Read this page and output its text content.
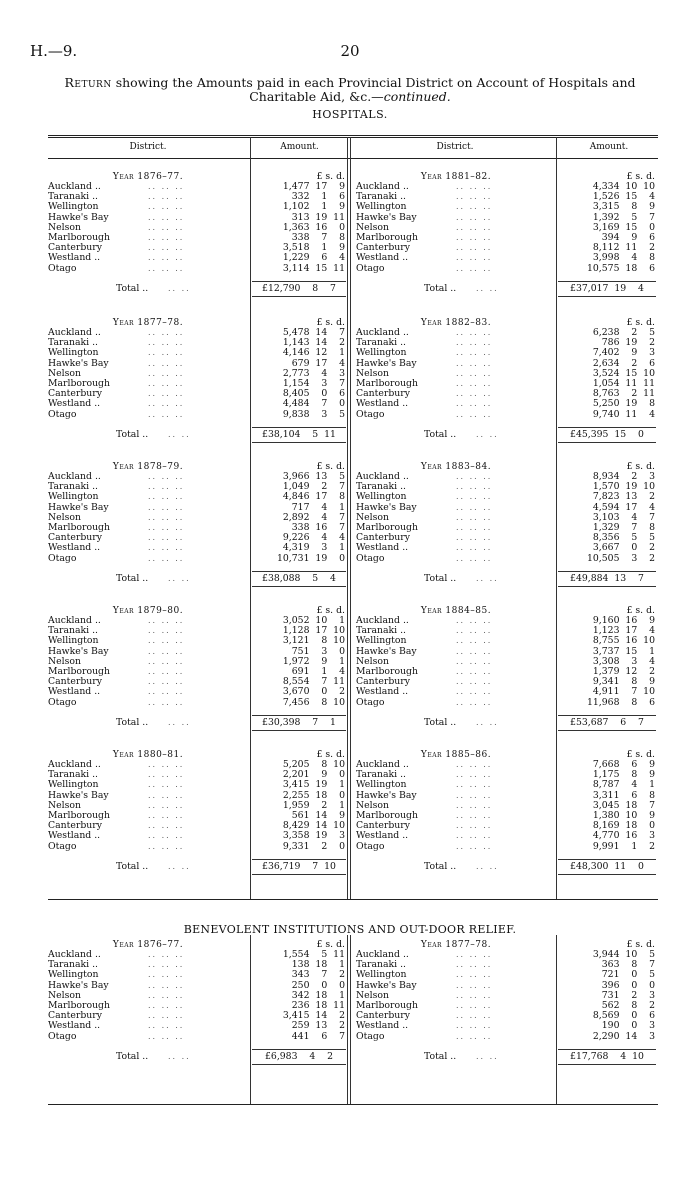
H.—9.	20
Return showing the Amounts paid in each Provincial District on Account of Hospitals and
Charitable Aid, &c.—continued.
HOSPITALS.
District.	Amount.	District.	Amount.
Year 1876–77.	£ s. d.
Auckland ..	.. .. ..	1,477 17  9
Taranaki ..	.. .. ..	332  1  6
Wellington	.. .. ..	1,102  1  9
Hawke's Bay	.. .. ..	313 19 11
Nelson	.. .. ..	1,363 16  0
Marlborough	.. .. ..	338  7  8
Canterbury	.. .. ..	3,518  1  9
Westland ..	.. .. ..	1,229  6  4
Otago	.. .. ..	3,114 15 11
Total .. .. ..	£12,790  8  7
Year 1877–78.	£ s. d.
Auckland ..	.. .. ..	5,478 14  7
Taranaki ..	.. .. ..	1,143 14  2
Wellington	.. .. ..	4,146 12  1
Hawke's Bay	.. .. ..	679 17  4
Nelson	.. .. ..	2,773  4  3
Marlborough	.. .. ..	1,154  3  7
Canterbury	.. .. ..	8,405  0  6
Westland ..	.. .. ..	4,484  7  0
Otago	.. .. ..	9,838  3  5
Total .. .. ..	£38,104  5 11
Year 1878–79.	£ s. d.
Auckland ..	.. .. ..	3,966 13  5
Taranaki ..	.. .. ..	1,049  2  7
Wellington	.. .. ..	4,846 17  8
Hawke's Bay	.. .. ..	717  4  1
Nelson	.. .. ..	2,892  4  7
Marlborough	.. .. ..	338 16  7
Canterbury	.. .. ..	9,226  4  4
Westland ..	.. .. ..	4,319  3  1
Otago	.. .. ..	10,731 19  0
Total .. .. ..	£38,088  5  4
Year 1879–80.	£ s. d.
Auckland ..	.. .. ..	3,052 10  1
Taranaki ..	.. .. ..	1,128 17 10
Wellington	.. .. ..	3,121  8 10
Hawke's Bay	.. .. ..	751  3  0
Nelson	.. .. ..	1,972  9  1
Marlborough	.. .. ..	691  1  4
Canterbury	.. .. ..	8,554  7 11
Westland ..	.. .. ..	3,670  0  2
Otago	.. .. ..	7,456  8 10
Total .. .. ..	£30,398  7  1
Year 1880–81.	£ s. d.
Auckland ..	.. .. ..	5,205  8 10
Taranaki ..	.. .. ..	2,201  9  0
Wellington	.. .. ..	3,415 19  1
Hawke's Bay	.. .. ..	2,255 18  0
Nelson	.. .. ..	1,959  2  1
Marlborough	.. .. ..	561 14  9
Canterbury	.. .. ..	8,429 14 10
Westland ..	.. .. ..	3,358 19  3
Otago	.. .. ..	9,331  2  0
Total .. .. ..	£36,719  7 10
Year 1881–82.	£ s. d.
Auckland ..	.. .. ..	4,334 10 10
Taranaki ..	.. .. ..	1,526 15  4
Wellington	.. .. ..	3,315  8  9
Hawke's Bay	.. .. ..	1,392  5  7
Nelson	.. .. ..	3,169 15  0
Marlborough	.. .. ..	394  9  6
Canterbury	.. .. ..	8,112 11  2
Westland ..	.. .. ..	3,998  4  8
Otago	.. .. ..	10,575 18  6
Total .. .. ..	£37,017 19  4
Year 1882–83.	£ s. d.
Auckland ..	.. .. ..	6,238  2  5
Taranaki ..	.. .. ..	786 19  2
Wellington	.. .. ..	7,402  9  3
Hawke's Bay	.. .. ..	2,634  2  6
Nelson	.. .. ..	3,524 15 10
Marlborough	.. .. ..	1,054 11 11
Canterbury	.. .. ..	8,763  2 11
Westland ..	.. .. ..	5,250 19  8
Otago	.. .. ..	9,740 11  4
Total .. .. ..	£45,395 15  0
Year 1883–84.	£ s. d.
Auckland ..	.. .. ..	8,934  2  3
Taranaki ..	.. .. ..	1,570 19 10
Wellington	.. .. ..	7,823 13  2
Hawke's Bay	.. .. ..	4,594 17  4
Nelson	.. .. ..	3,103  4  7
Marlborough	.. .. ..	1,329  7  8
Canterbury	.. .. ..	8,356  5  5
Westland ..	.. .. ..	3,667  0  2
Otago	.. .. ..	10,505  3  2
Total .. .. ..	£49,884 13  7
Year 1884–85.	£ s. d.
Auckland ..	.. .. ..	9,160 16  9
Taranaki ..	.. .. ..	1,123 17  4
Wellington	.. .. ..	8,755 16 10
Hawke's Bay	.. .. ..	3,737 15  1
Nelson	.. .. ..	3,308  3  4
Marlborough	.. .. ..	1,379 12  2
Canterbury	.. .. ..	9,341  8  9
Westland ..	.. .. ..	4,911  7 10
Otago	.. .. ..	11,968  8  6
Total .. .. ..	£53,687  6  7
Year 1885–86.	£ s. d.
Auckland ..	.. .. ..	7,668  6  9
Taranaki ..	.. .. ..	1,175  8  9
Wellington	.. .. ..	8,787  4  1
Hawke's Bay	.. .. ..	3,311  6  8
Nelson	.. .. ..	3,045 18  7
Marlborough	.. .. ..	1,380 10  9
Canterbury	.. .. ..	8,169 18  0
Westland ..	.. .. ..	4,770 16  3
Otago	.. .. ..	9,991  1  2
Total .. .. ..	£48,300 11  0
BENEVOLENT INSTITUTIONS AND OUT-DOOR RELIEF.
Year 1876–77.	£ s. d.
Auckland ..	.. .. ..	1,554  5 11
Taranaki ..	.. .. ..	138 18  1
Wellington	.. .. ..	343  7  2
Hawke's Bay	.. .. ..	250  0  0
Nelson	.. .. ..	342 18  1
Marlborough	.. .. ..	236 18 11
Canterbury	.. .. ..	3,415 14  2
Westland ..	.. .. ..	259 13  2
Otago	.. .. ..	441  6  7
Total .. .. ..	£6,983  4  2
Year 1877–78.	£ s. d.
Auckland ..	.. .. ..	3,944 10  5
Taranaki ..	.. .. ..	363  8  7
Wellington	.. .. ..	721  0  5
Hawke's Bay	.. .. ..	396  0  0
Nelson	.. .. ..	731  2  3
Marlborough	.. .. ..	562  8  2
Canterbury	.. .. ..	8,569  0  6
Westland ..	.. .. ..	190  0  3
Otago	.. .. ..	2,290 14  3
Total .. .. ..	£17,768  4 10
